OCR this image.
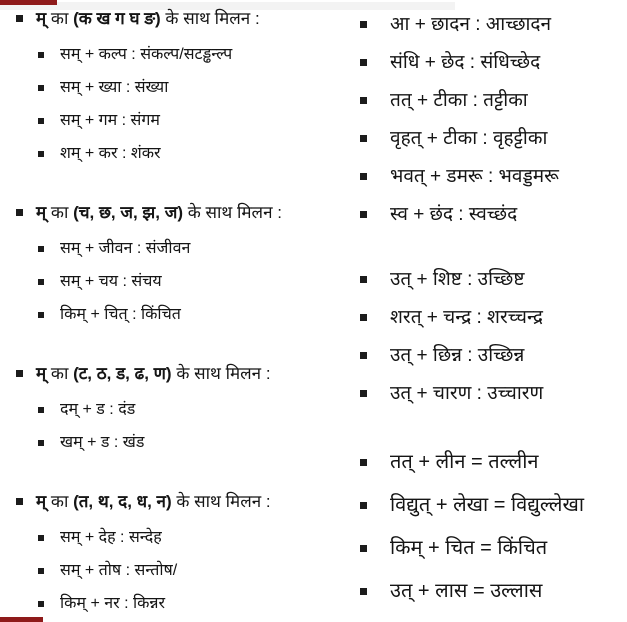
म् का (क ख ग घ ङ) के साथ मिलन :
सम् + कल्प : संकल्प/सटड्ढन्ल्प
सम् + ख्या : संख्या
सम् + गम : संगम
शम् + कर : शंकर
म् का (च, छ, ज, झ, ज) के साथ मिलन :
सम् + जीवन : संजीवन
सम् + चय : संचय
किम् + चित् : किंचित
म् का (ट, ठ, ड, ढ, ण) के साथ मिलन :
दम् + ड : दंड
खम् + ड : खंड
म् का (त, थ, द, ध, न) के साथ मिलन :
सम् + देह : सन्देह
सम् + तोष : सन्तोष/
किम् + नर : किन्नर
आ + छादन : आच्छादन
संधि + छेद : संधिच्छेद
तत् + टीका : तट्टीका
वृहत् + टीका : वृहट्टीका
भवत् + डमरू : भवड्डमरू
स्व + छंद : स्वच्छंद
उत् + शिष्ट : उच्छिष्ट
शरत् + चन्द्र : शरच्चन्द्र
उत् + छिन्न : उच्छिन्न
उत् + चारण : उच्चारण
तत् + लीन = तल्लीन
विद्युत् + लेखा = विद्युल्लेखा
किम् + चित = किंचित
उत् + लास = उल्लास
